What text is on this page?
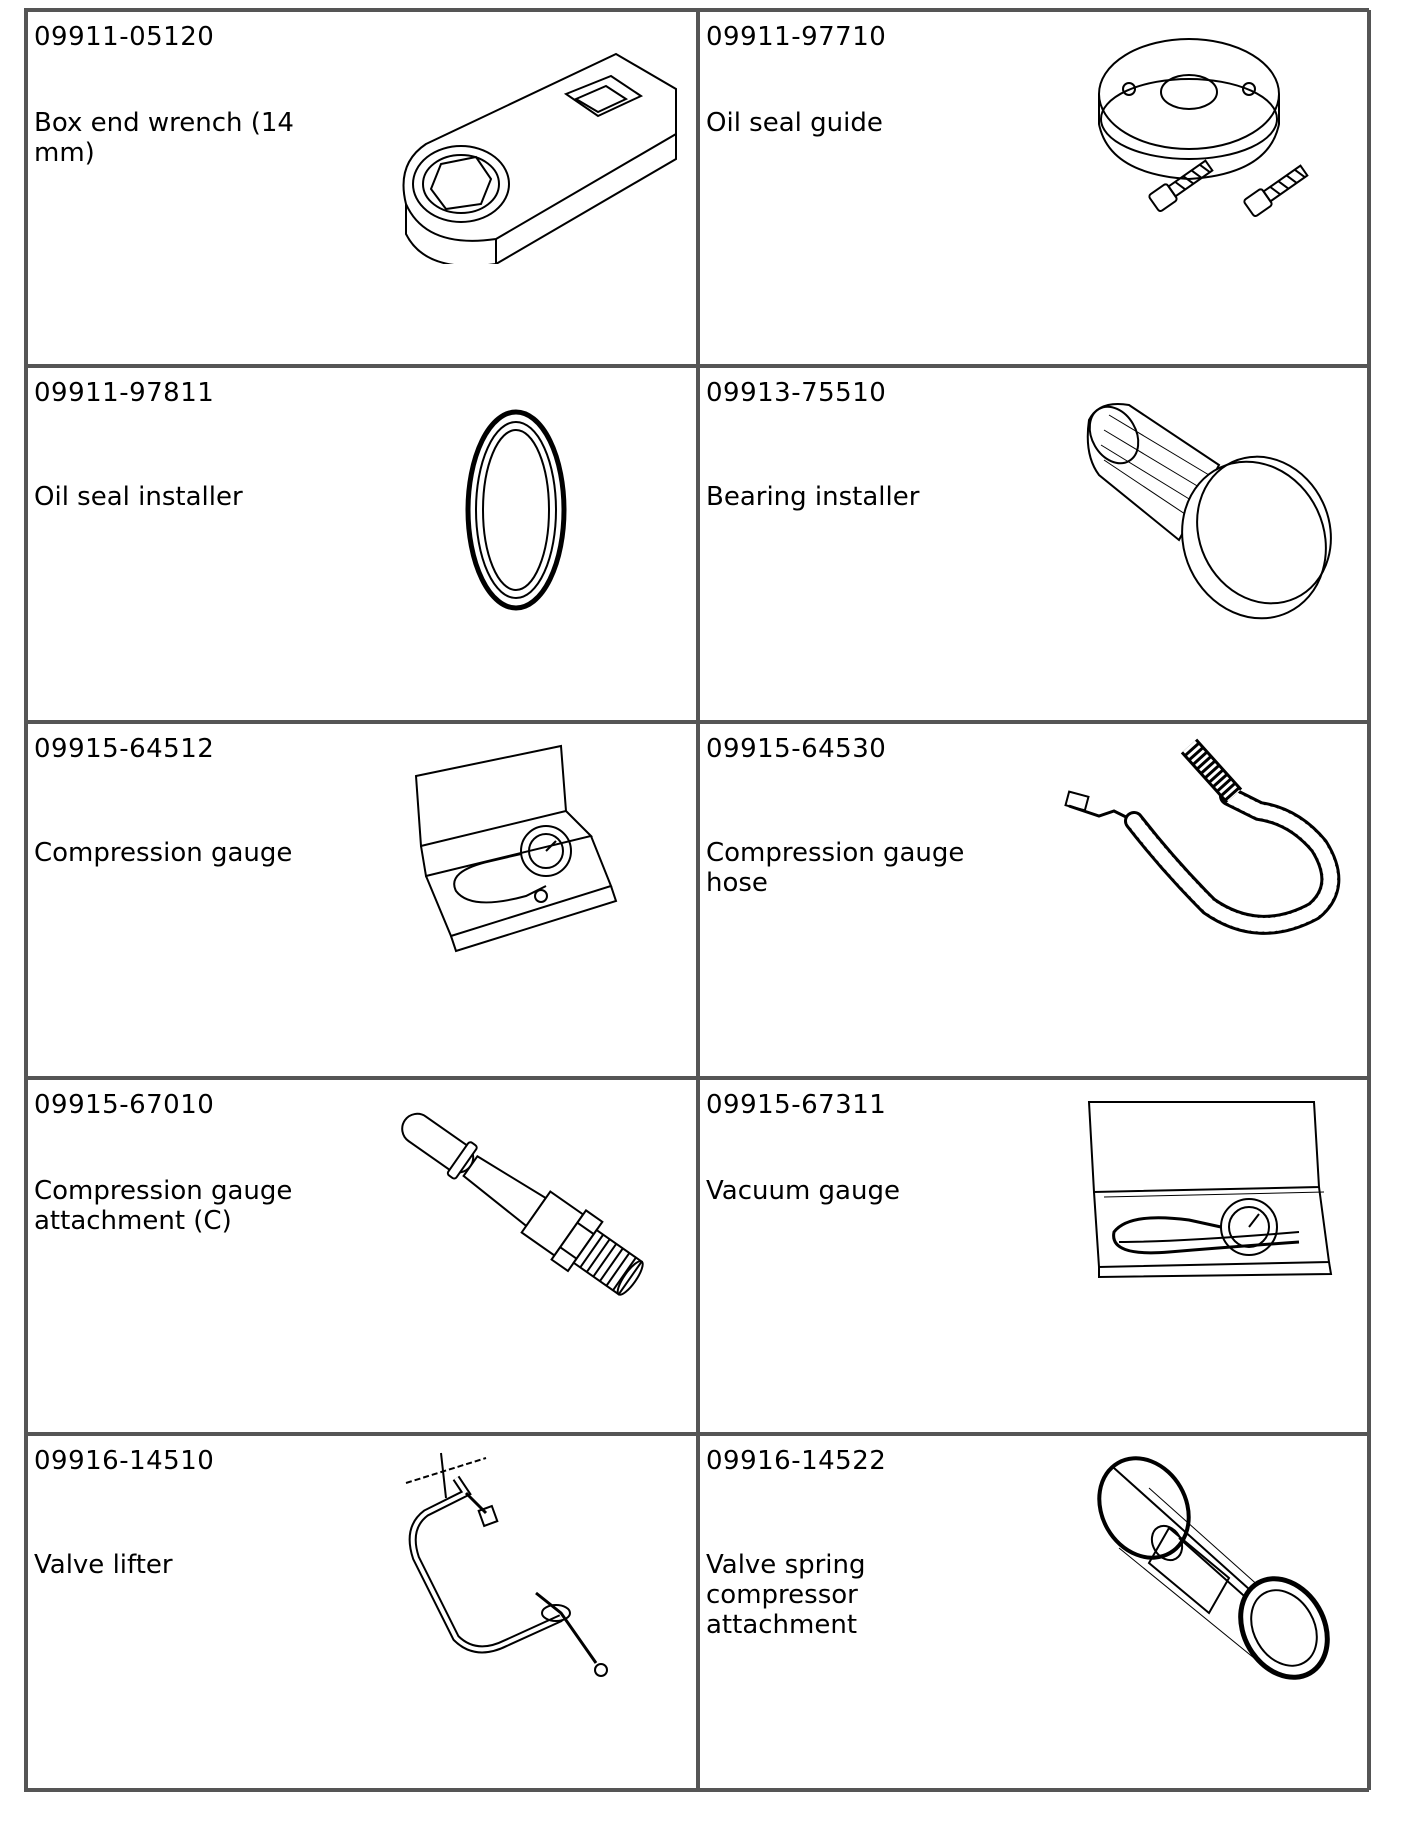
09911-05120
Box end wrench (14 mm)
09911-97710
Oil seal guide
09911-97811
Oil seal installer
09913-75510
Bearing installer
09915-64512
Compression gauge
09915-64530
Compression gauge hose
09915-67010
Compression gauge attachment (C)
09915-67311
Vacuum gauge
09916-14510
Valve lifter
09916-14522
Valve spring compressor attachment
